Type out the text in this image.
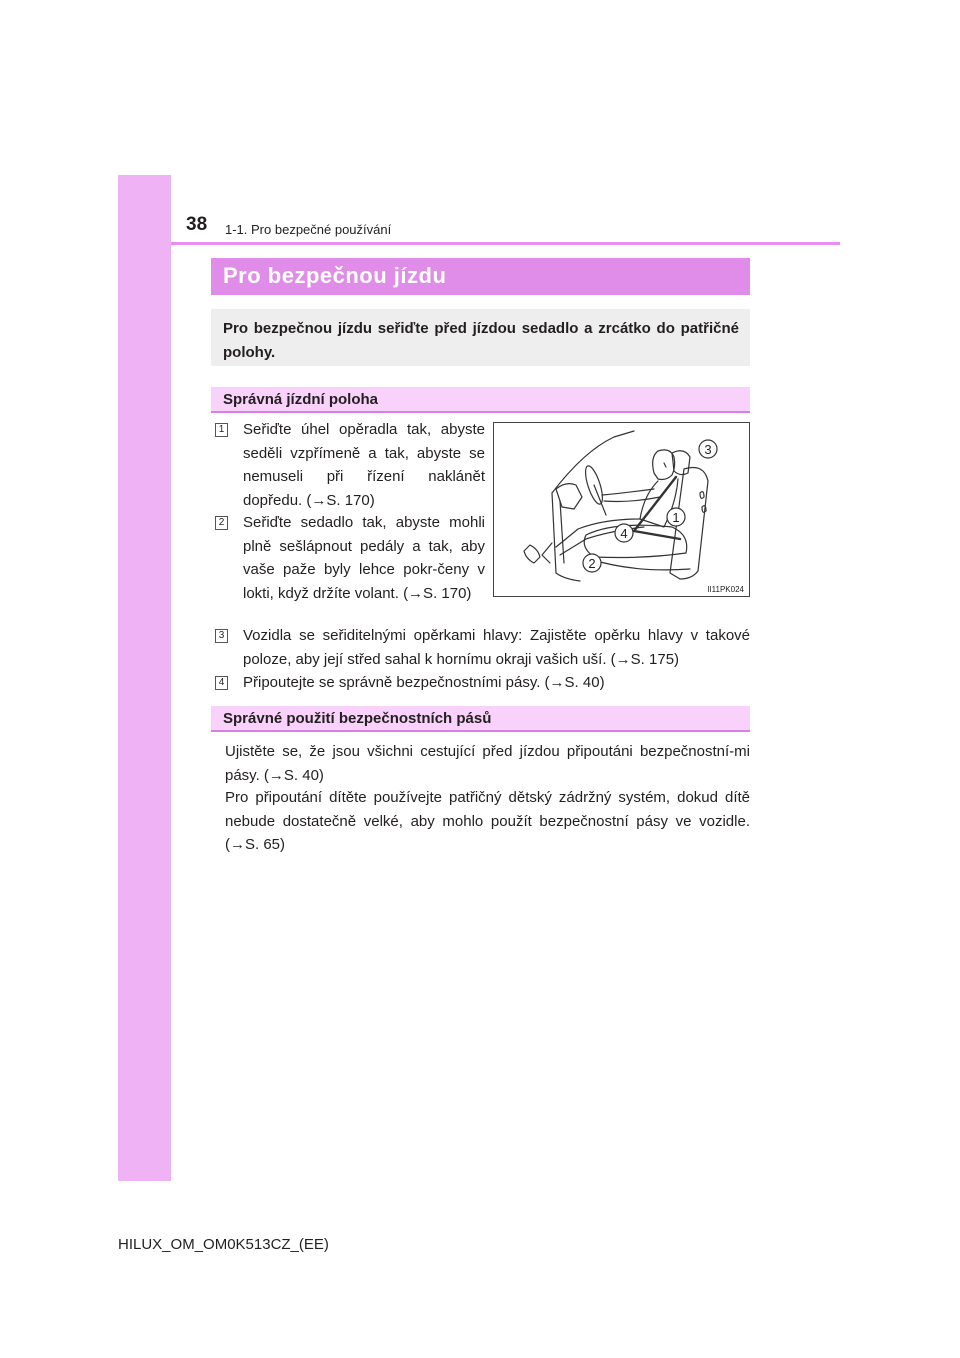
38 1-1. Pro bezpečné používání
Pro bezpečnou jízdu

Pro bezpečnou jízdu seřiďte před jízdou sedadlo a zrcátko do patřičné polohy.

Správná jízdní poloha
1 Seřiďte úhel opěradla tak, abyste seděli vzpřímeně a tak, abyste se nemuseli při řízení naklánět dopředu. (→S. 170)
2 Seřiďte sedadlo tak, abyste mohli plně sešlápnout pedály a tak, aby vaše paže byly lehce pokr-čeny v lokti, když držíte volant. (→S. 170)
3 Vozidla se seřiditelnými opěrkami hlavy: Zajistěte opěrku hlavy v takové poloze, aby její střed sahal k hornímu okraji vašich uší. (→S. 175)
4 Připoutejte se správně bezpečnostními pásy. (→S. 40)
3
1
4
2
II11PK024
Správné použití bezpečnostních pásů

Ujistěte se, že jsou všichni cestující před jízdou připoutáni bezpečnostní-mi pásy. (→S. 40)

Pro připoutání dítěte používejte patřičný dětský zádržný systém, dokud dítě nebude dostatečně velké, aby mohlo použít bezpečnostní pásy ve vozidle. (→S. 65)

HILUX_OM_OM0K513CZ_(EE)
